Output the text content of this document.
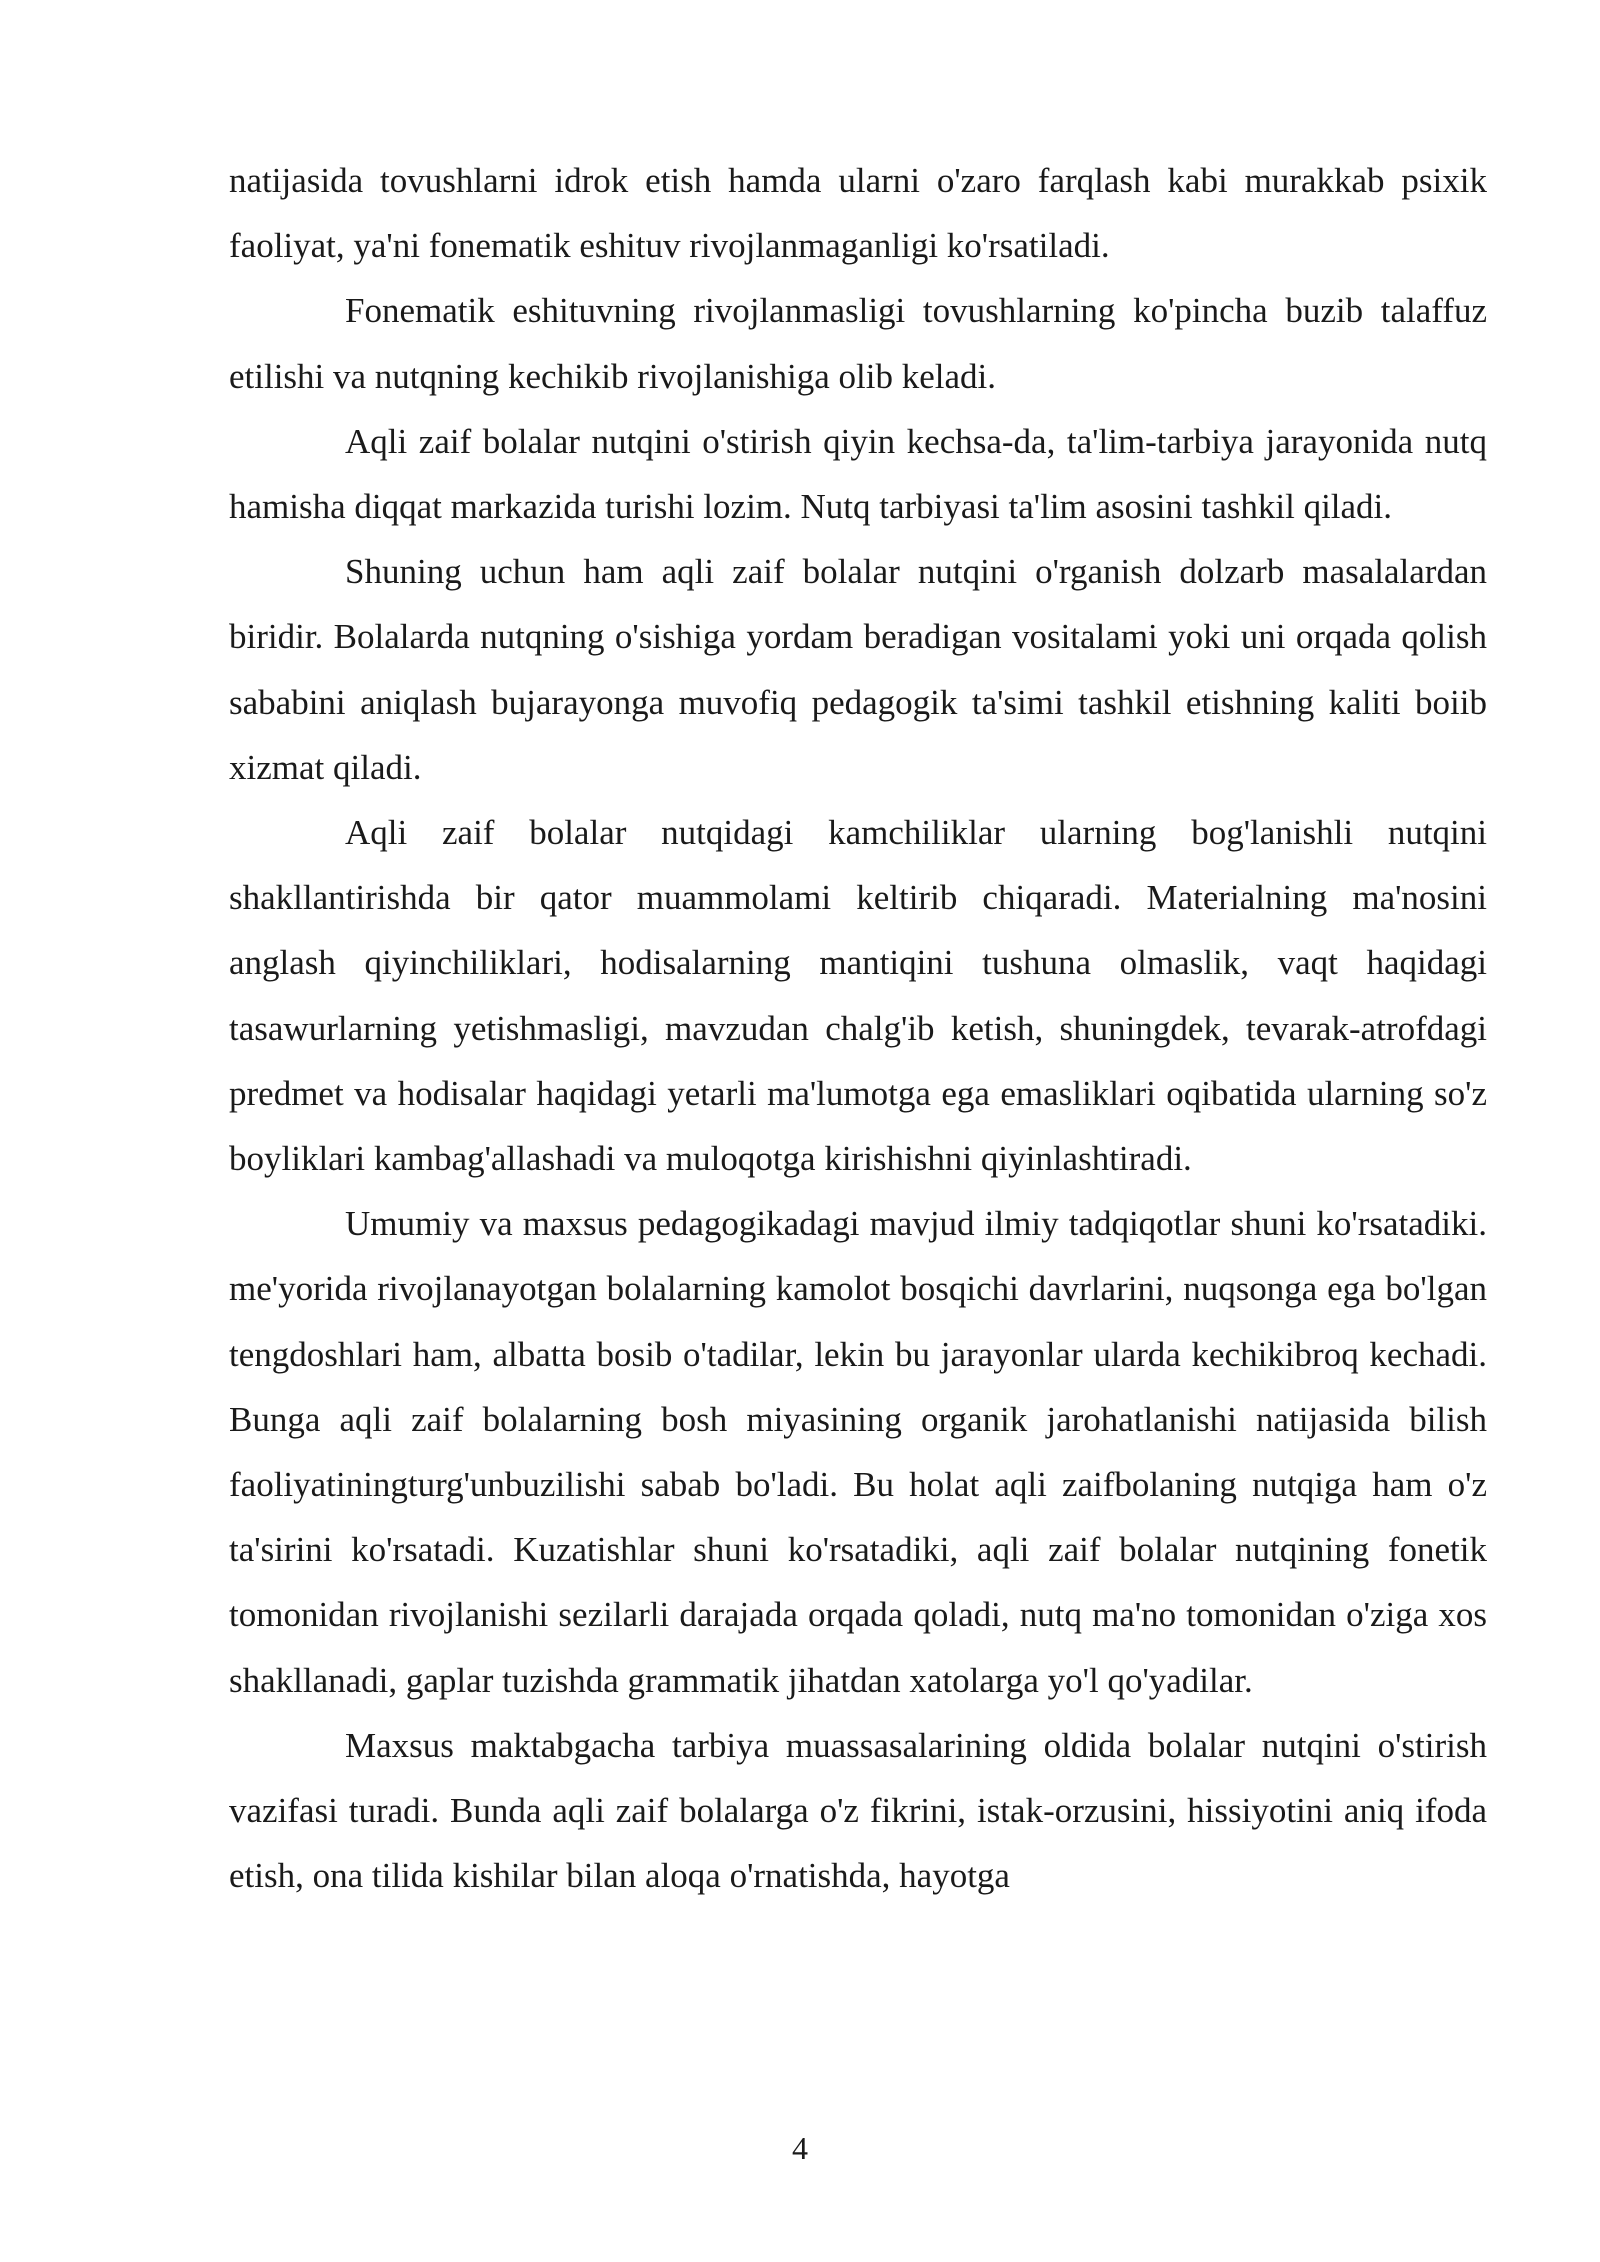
natijasida tovushlarni idrok etish hamda ularni o'zaro farqlash kabi murakkab psixik faoliyat, ya'ni fonematik eshituv rivojlanmaganligi ko'rsatiladi.

Fonematik eshituvning rivojlanmasligi tovushlarning ko'pincha buzib talaffuz etilishi va nutqning kechikib rivojlanishiga olib keladi.

Aqli zaif bolalar nutqini o'stirish qiyin kechsa-da, ta'lim-tarbiya jarayonida nutq hamisha diqqat markazida turishi lozim. Nutq tarbiyasi ta'lim asosini tashkil qiladi.

Shuning uchun ham aqli zaif bolalar nutqini o'rganish dolzarb masalalardan biridir. Bolalarda nutqning o'sishiga yordam beradigan vositalami yoki uni orqada qolish sababini aniqlash bujarayonga muvofiq pedagogik ta'simi tashkil etishning kaliti boiib xizmat qiladi.

Aqli zaif bolalar nutqidagi kamchiliklar ularning bog'lanishli nutqini shakllantirishda bir qator muammolami keltirib chiqaradi. Materialning ma'nosini anglash qiyinchiliklari, hodisalarning mantiqini tushuna olmaslik, vaqt haqidagi tasawurlarning yetishmasligi, mavzudan chalg'ib ketish, shuningdek, tevarak-atrofdagi predmet va hodisalar haqidagi yetarli ma'lumotga ega emasliklari oqibatida ularning so'z boyliklari kambag'allashadi va muloqotga kirishishni qiyinlashtiradi.

Umumiy va maxsus pedagogikadagi mavjud ilmiy tadqiqotlar shuni ko'rsatadiki. me'yorida rivojlanayotgan bolalarning kamolot bosqichi davrlarini, nuqsonga ega bo'lgan tengdoshlari ham, albatta bosib o'tadilar, lekin bu jarayonlar ularda kechikibroq kechadi. Bunga aqli zaif bolalarning bosh miyasining organik jarohatlanishi natijasida bilish faoliyatiningturg'unbuzilishi sabab bo'ladi. Bu holat aqli zaifbolaning nutqiga ham o'z ta'sirini ko'rsatadi. Kuzatishlar shuni ko'rsatadiki, aqli zaif bolalar nutqining fonetik tomonidan rivojlanishi sezilarli darajada orqada qoladi, nutq ma'no tomonidan o'ziga xos shakllanadi, gaplar tuzishda grammatik jihatdan xatolarga yo'l qo'yadilar.

Maxsus maktabgacha tarbiya muassasalarining oldida bolalar nutqini o'stirish vazifasi turadi. Bunda aqli zaif bolalarga o'z fikrini, istak-orzusini, hissiyotini aniq ifoda etish, ona tilida kishilar bilan aloqa o'rnatishda, hayotga

4
